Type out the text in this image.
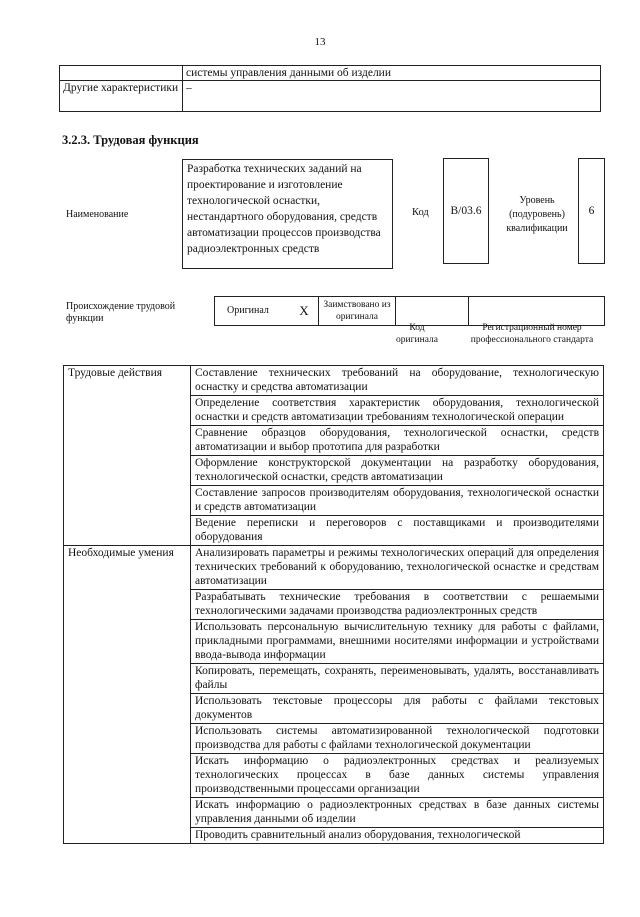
13
	системы управления данными об изделии
Другие характеристики	–
3.2.3. Трудовая функция
Наименование
Разработка технических заданий на проектирование и изготовление технологической оснастки, нестандартного оборудования, средств автоматизации процессов производства радиоэлектронных средств
Код	B/03.6
Уровень (подуровень) квалификации
6
Происхождение трудовой функции
Оригинал	X	Заимствовано из оригинала		
Код оригинала
Регистрационный номер профессионального стандарта
Трудовые действия	Составление технических требований на оборудование, технологическую оснастку и средства автоматизации
	Определение соответствия характеристик оборудования, технологической оснастки и средств автоматизации требованиям технологической операции
	Сравнение образцов оборудования, технологической оснастки, средств автоматизации и выбор прототипа для разработки
	Оформление конструкторской документации на разработку оборудования, технологической оснастки, средств автоматизации
	Составление запросов производителям оборудования, технологической оснастки и средств автоматизации
	Ведение переписки и переговоров с поставщиками и производителями оборудования
Необходимые умения	Анализировать параметры и режимы технологических операций для определения технических требований к оборудованию, технологической оснастке и средствам автоматизации
	Разрабатывать технические требования в соответствии с решаемыми технологическими задачами производства радиоэлектронных средств
	Использовать персональную вычислительную технику для работы с файлами, прикладными программами, внешними носителями информации и устройствами ввода-вывода информации
	Копировать, перемещать, сохранять, переименовывать, удалять, восстанавливать файлы
	Использовать текстовые процессоры для работы с файлами текстовых документов
	Использовать системы автоматизированной технологической подготовки производства для работы с файлами технологической документации
	Искать информацию о радиоэлектронных средствах и реализуемых технологических процессах в базе данных системы управления производственными процессами организации
	Искать информацию о радиоэлектронных средствах в базе данных системы управления данными об изделии

	Проводить сравнительный анализ оборудования, технологической
